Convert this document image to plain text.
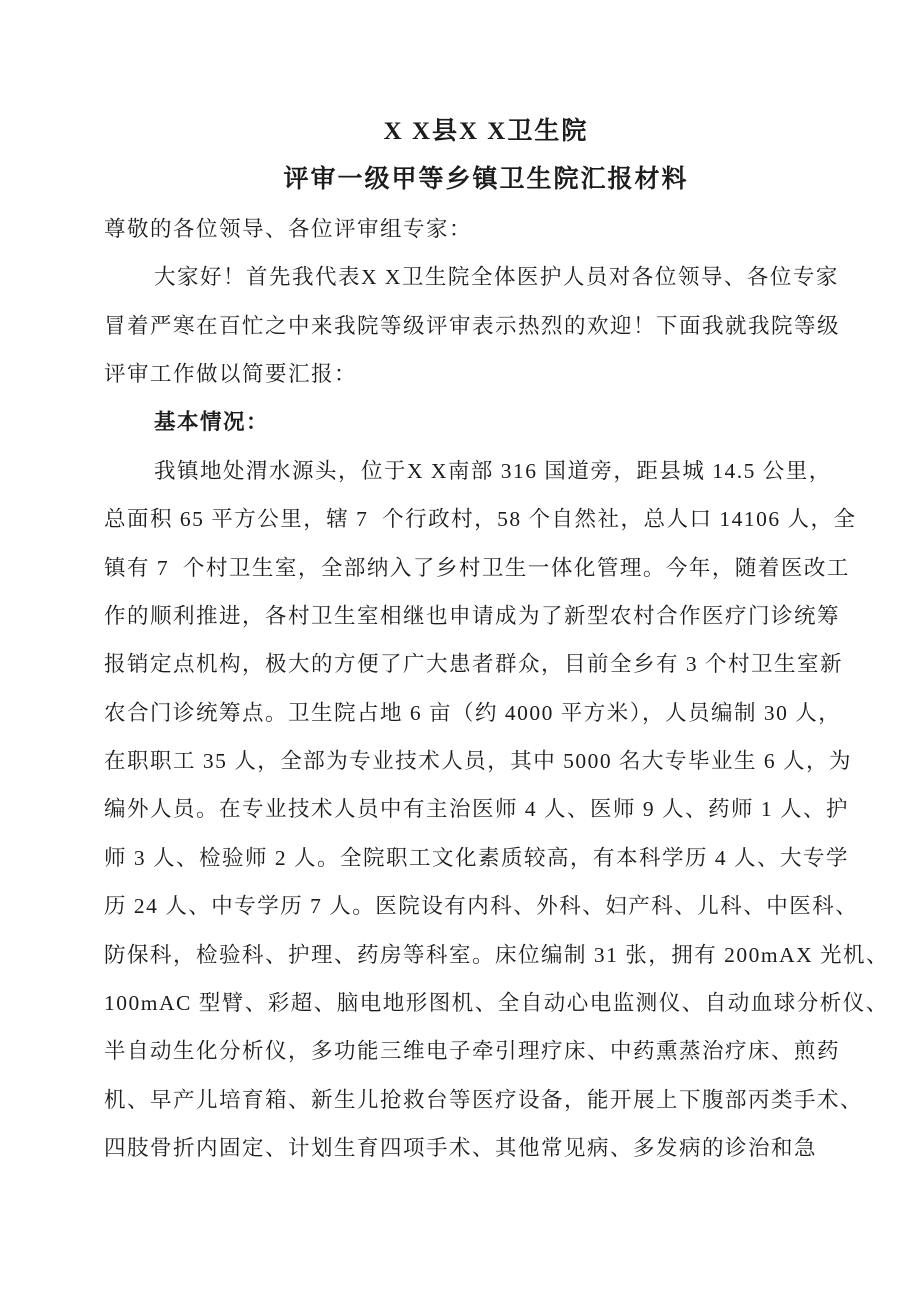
X X县X X卫生院
评审一级甲等乡镇卫生院汇报材料
尊敬的各位领导、各位评审组专家：
大家好！首先我代表X X卫生院全体医护人员对各位领导、各位专家
冒着严寒在百忙之中来我院等级评审表示热烈的欢迎！下面我就我院等级
评审工作做以简要汇报：
基本情况：
我镇地处渭水源头，位于X X南部 316 国道旁，距县城 14.5 公里，
总面积 65 平方公里，辖 7  个行政村，58 个自然社，总人口 14106 人，全
镇有 7  个村卫生室，全部纳入了乡村卫生一体化管理。今年，随着医改工
作的顺利推进，各村卫生室相继也申请成为了新型农村合作医疗门诊统筹
报销定点机构，极大的方便了广大患者群众，目前全乡有 3 个村卫生室新
农合门诊统筹点。卫生院占地 6 亩（约 4000 平方米），人员编制 30 人，
在职职工 35 人，全部为专业技术人员，其中 5000 名大专毕业生 6 人，为
编外人员。在专业技术人员中有主治医师 4 人、医师 9 人、药师 1 人、护
师 3 人、检验师 2 人。全院职工文化素质较高，有本科学历 4 人、大专学
历 24 人、中专学历 7 人。医院设有内科、外科、妇产科、儿科、中医科、
防保科，检验科、护理、药房等科室。床位编制 31 张，拥有 200mAX 光机、
100mAC 型臂、彩超、脑电地形图机、全自动心电监测仪、自动血球分析仪、
半自动生化分析仪，多功能三维电子牵引理疗床、中药熏蒸治疗床、煎药
机、早产儿培育箱、新生儿抢救台等医疗设备，能开展上下腹部丙类手术、
四肢骨折内固定、计划生育四项手术、其他常见病、多发病的诊治和急
